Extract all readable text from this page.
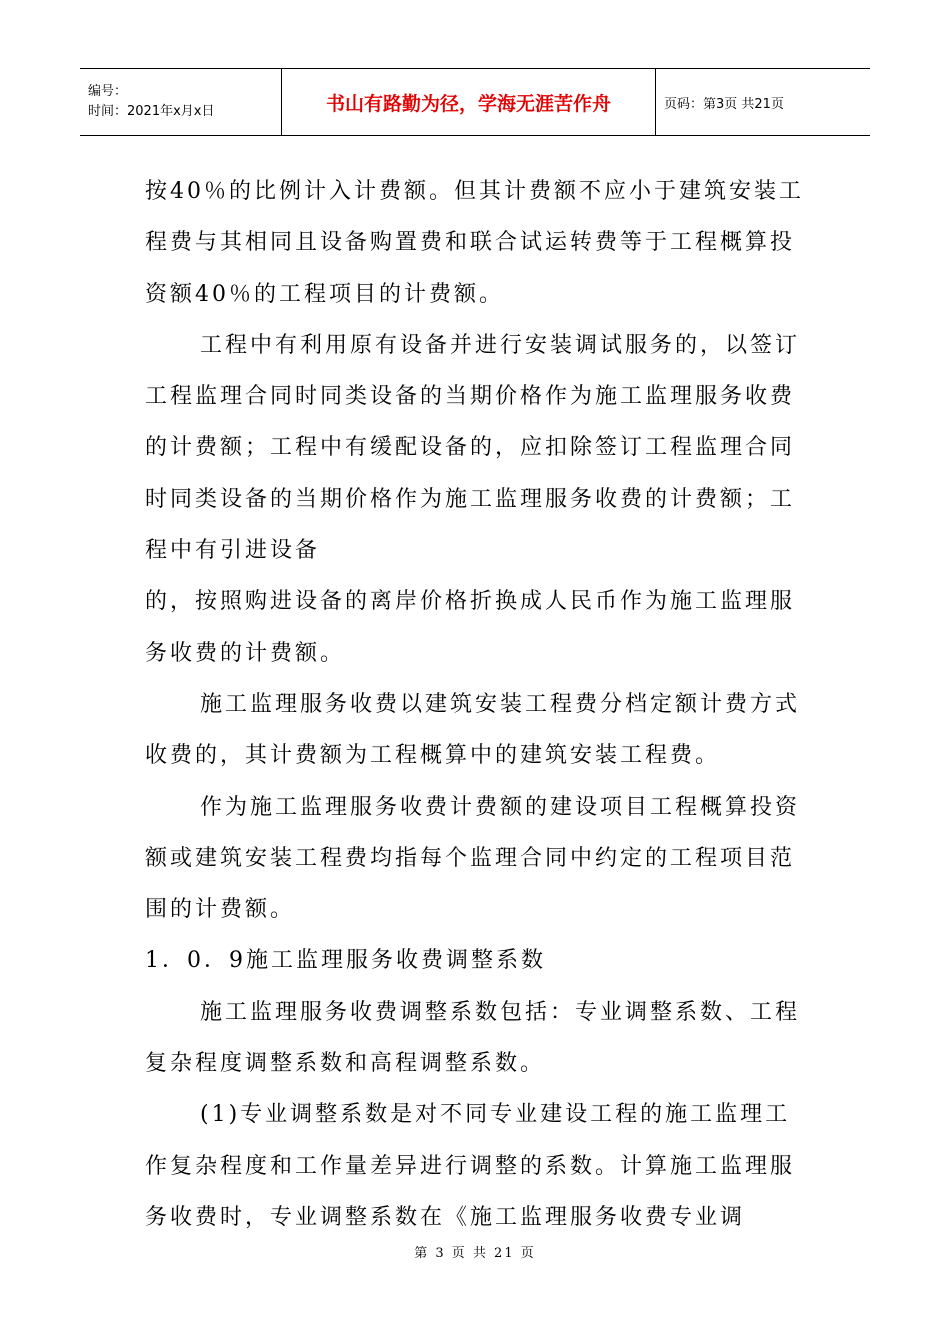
编号：
时间：2021年x月x日	书山有路勤为径，学海无涯苦作舟	页码：第3页 共21页

按40％的比例计入计费额。但其计费额不应小于建筑安装工程费与其相同且设备购置费和联合试运转费等于工程概算投资额40％的工程项目的计费额。

工程中有利用原有设备并进行安装调试服务的，以签订工程监理合同时同类设备的当期价格作为施工监理服务收费的计费额；工程中有缓配设备的，应扣除签订工程监理合同时同类设备的当期价格作为施工监理服务收费的计费额；工程中有引进设备

的，按照购进设备的离岸价格折换成人民币作为施工监理服务收费的计费额。

施工监理服务收费以建筑安装工程费分档定额计费方式收费的，其计费额为工程概算中的建筑安装工程费。

作为施工监理服务收费计费额的建设项目工程概算投资额或建筑安装工程费均指每个监理合同中约定的工程项目范围的计费额。

1．0．9施工监理服务收费调整系数

施工监理服务收费调整系数包括：专业调整系数、工程复杂程度调整系数和高程调整系数。

(1)专业调整系数是对不同专业建设工程的施工监理工作复杂程度和工作量差异进行调整的系数。计算施工监理服务收费时，专业调整系数在《施工监理服务收费专业调

第 3 页 共 21 页
